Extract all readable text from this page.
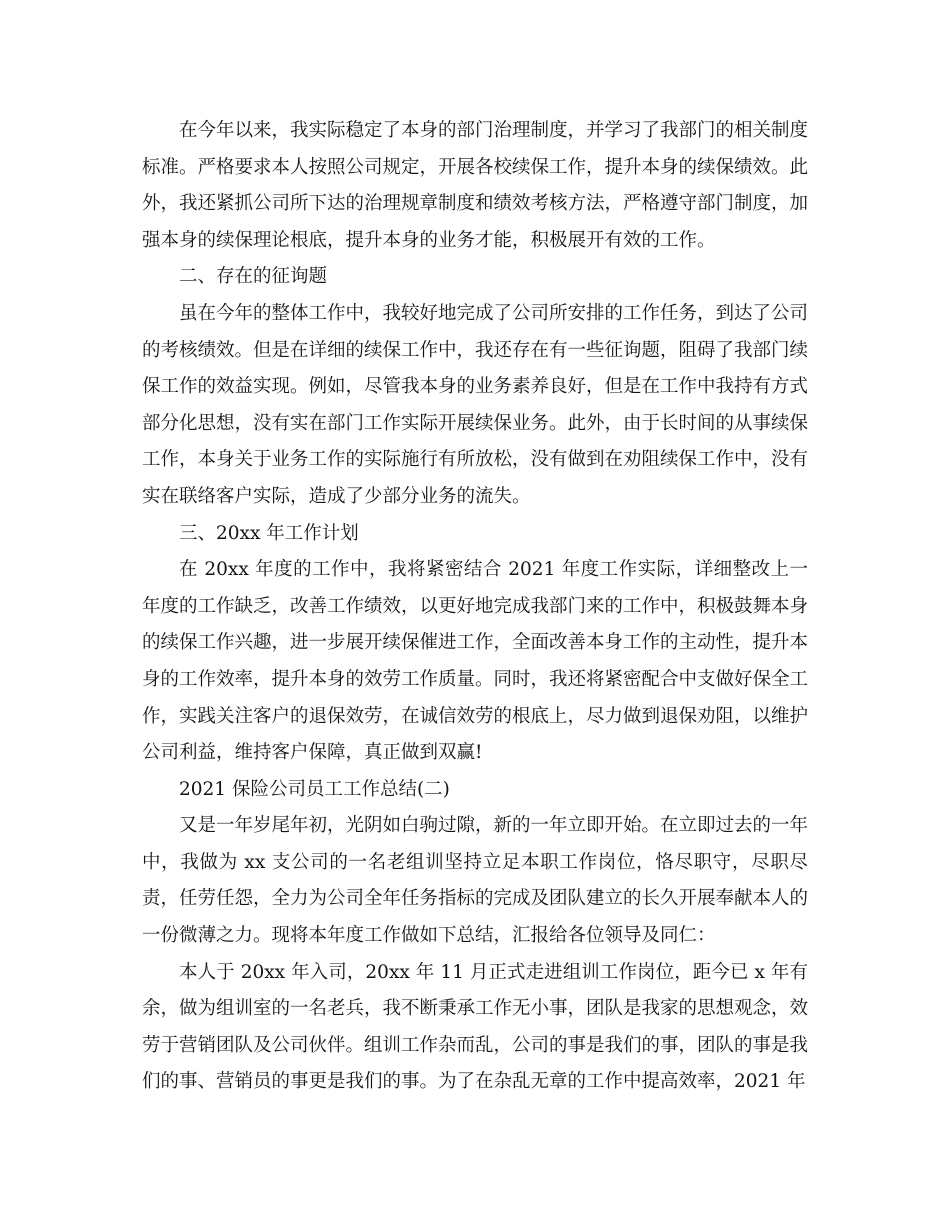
在今年以来，我实际稳定了本身的部门治理制度，并学习了我部门的相关制度标准。严格要求本人按照公司规定，开展各校续保工作，提升本身的续保绩效。此外，我还紧抓公司所下达的治理规章制度和绩效考核方法，严格遵守部门制度，加强本身的续保理论根底，提升本身的业务才能，积极展开有效的工作。

二、存在的征询题

虽在今年的整体工作中，我较好地完成了公司所安排的工作任务，到达了公司的考核绩效。但是在详细的续保工作中，我还存在有一些征询题，阻碍了我部门续保工作的效益实现。例如，尽管我本身的业务素养良好，但是在工作中我持有方式部分化思想，没有实在部门工作实际开展续保业务。此外，由于长时间的从事续保工作，本身关于业务工作的实际施行有所放松，没有做到在劝阻续保工作中，没有实在联络客户实际，造成了少部分业务的流失。

三、20xx 年工作计划

在 20xx 年度的工作中，我将紧密结合 2021 年度工作实际，详细整改上一年度的工作缺乏，改善工作绩效，以更好地完成我部门来的工作中，积极鼓舞本身的续保工作兴趣，进一步展开续保催进工作，全面改善本身工作的主动性，提升本身的工作效率，提升本身的效劳工作质量。同时，我还将紧密配合中支做好保全工作，实践关注客户的退保效劳，在诚信效劳的根底上，尽力做到退保劝阻，以维护公司利益，维持客户保障，真正做到双赢!

2021 保险公司员工工作总结(二)

又是一年岁尾年初，光阴如白驹过隙，新的一年立即开始。在立即过去的一年中，我做为 xx 支公司的一名老组训坚持立足本职工作岗位，恪尽职守，尽职尽责，任劳任怨，全力为公司全年任务指标的完成及团队建立的长久开展奉献本人的一份微薄之力。现将本年度工作做如下总结，汇报给各位领导及同仁：

本人于 20xx 年入司，20xx 年 11 月正式走进组训工作岗位，距今已 x 年有余，做为组训室的一名老兵，我不断秉承工作无小事，团队是我家的思想观念，效劳于营销团队及公司伙伴。组训工作杂而乱，公司的事是我们的事，团队的事是我们的事、营销员的事更是我们的事。为了在杂乱无章的工作中提高效率，2021 年
